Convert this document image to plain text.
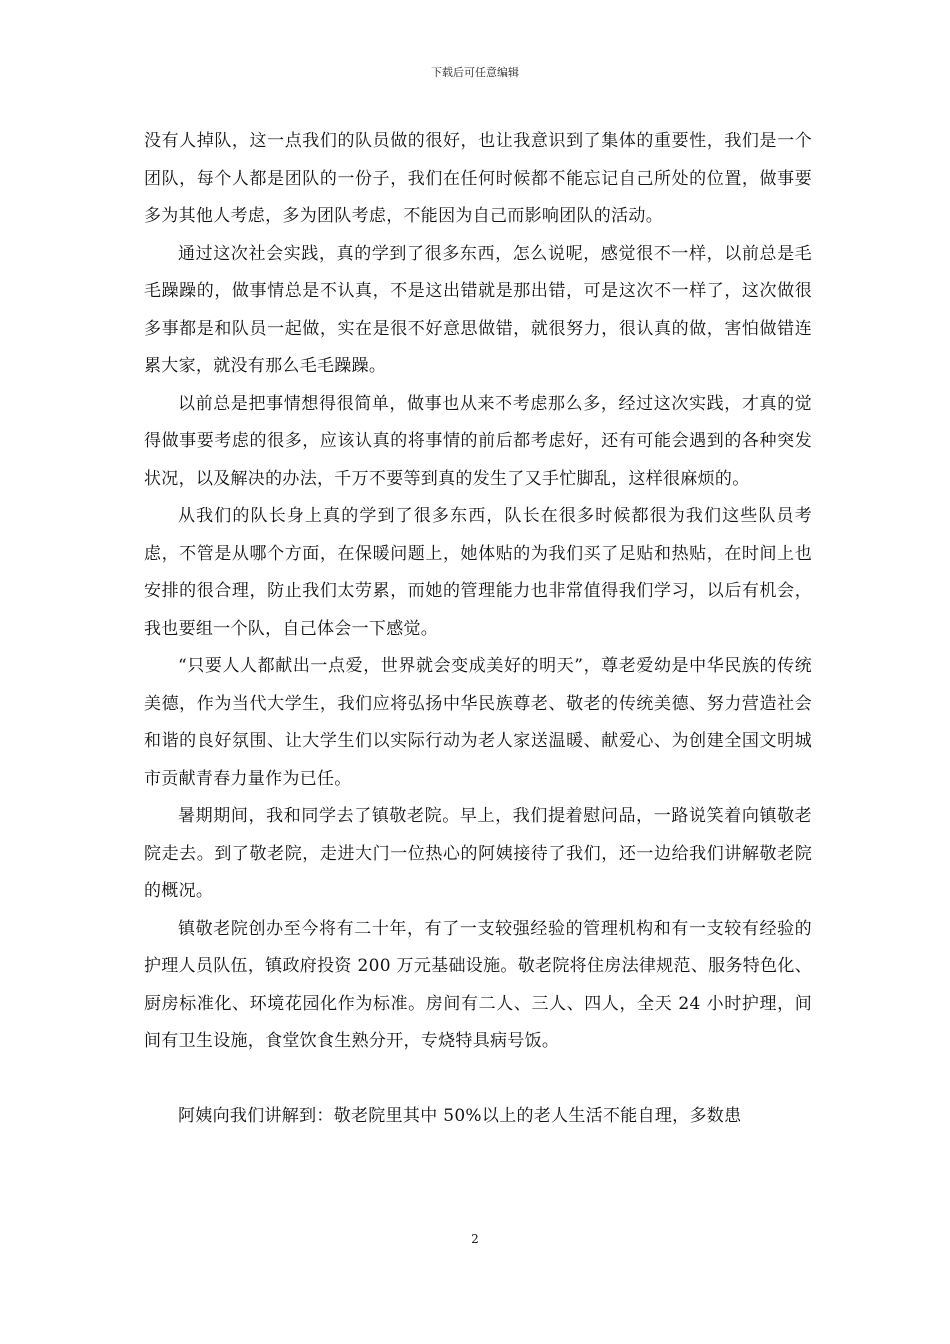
下载后可任意编辑

没有人掉队，这一点我们的队员做的很好，也让我意识到了集体的重要性，我们是一个团队，每个人都是团队的一份子，我们在任何时候都不能忘记自己所处的位置，做事要多为其他人考虑，多为团队考虑，不能因为自己而影响团队的活动。

通过这次社会实践，真的学到了很多东西，怎么说呢，感觉很不一样，以前总是毛毛躁躁的，做事情总是不认真，不是这出错就是那出错，可是这次不一样了，这次做很多事都是和队员一起做，实在是很不好意思做错，就很努力，很认真的做，害怕做错连累大家，就没有那么毛毛躁躁。

以前总是把事情想得很简单，做事也从来不考虑那么多，经过这次实践，才真的觉得做事要考虑的很多，应该认真的将事情的前后都考虑好，还有可能会遇到的各种突发状况，以及解决的办法，千万不要等到真的发生了又手忙脚乱，这样很麻烦的。

从我们的队长身上真的学到了很多东西，队长在很多时候都很为我们这些队员考虑，不管是从哪个方面，在保暖问题上，她体贴的为我们买了足贴和热贴，在时间上也安排的很合理，防止我们太劳累，而她的管理能力也非常值得我们学习，以后有机会，我也要组一个队，自己体会一下感觉。

“只要人人都献出一点爱，世界就会变成美好的明天”，尊老爱幼是中华民族的传统美德，作为当代大学生，我们应将弘扬中华民族尊老、敬老的传统美德、努力营造社会和谐的良好氛围、让大学生们以实际行动为老人家送温暖、献爱心、为创建全国文明城市贡献青春力量作为已任。

暑期期间，我和同学去了镇敬老院。早上，我们提着慰问品，一路说笑着向镇敬老院走去。到了敬老院，走进大门一位热心的阿姨接待了我们，还一边给我们讲解敬老院的概况。

镇敬老院创办至今将有二十年，有了一支较强经验的管理机构和有一支较有经验的护理人员队伍，镇政府投资 200 万元基础设施。敬老院将住房法律规范、服务特色化、厨房标准化、环境花园化作为标准。房间有二人、三人、四人，全天 24 小时护理，间间有卫生设施，食堂饮食生熟分开，专烧特具病号饭。

阿姨向我们讲解到：敬老院里其中 50%以上的老人生活不能自理，多数患

2
